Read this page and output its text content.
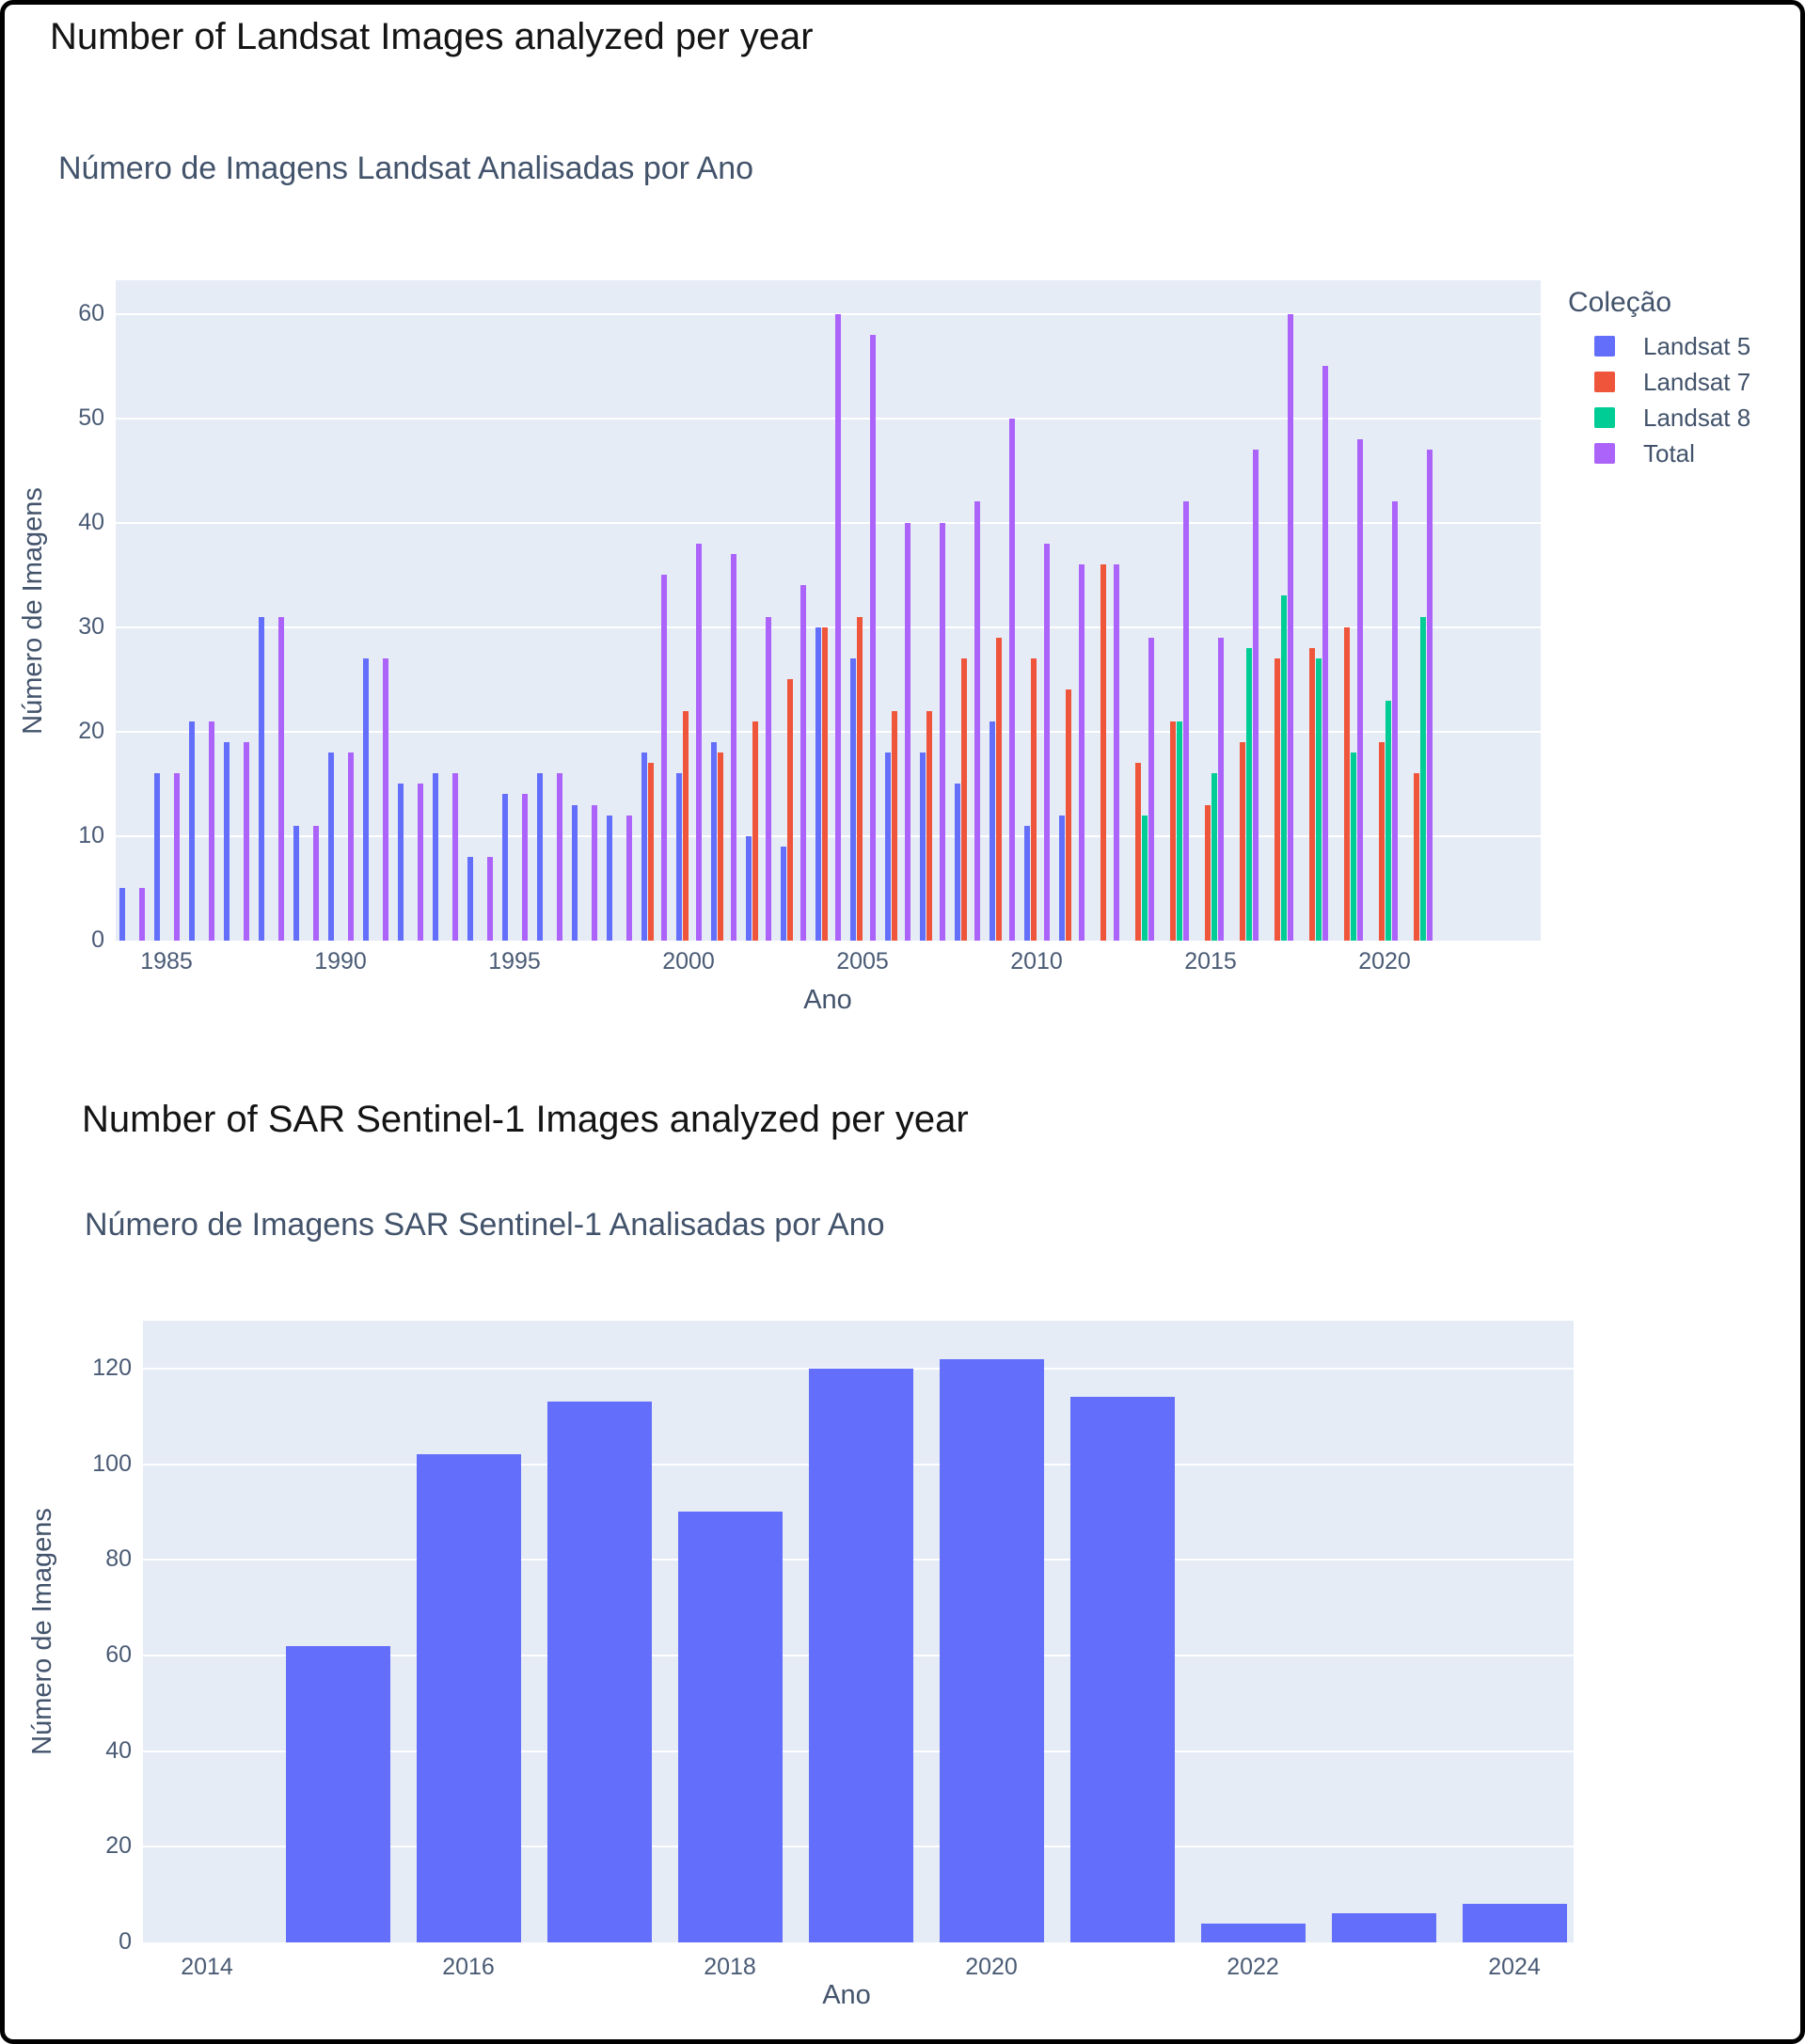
Number of Landsat Images analyzed per year
Número de Imagens Landsat Analisadas por Ano
Ano
Número de Imagens
Coleção
Landsat 5
Landsat 7
Landsat 8
Total
Number of SAR Sentinel-1 Images analyzed per year
Número de Imagens SAR Sentinel-1 Analisadas por Ano
Ano
Número de Imagens
0
10
20
30
40
50
60
1985	1990	1995	2000	2005	2010	2015	2020
0
20
40
60
80
100
120
2014	2016	2018	2020	2022	2024
